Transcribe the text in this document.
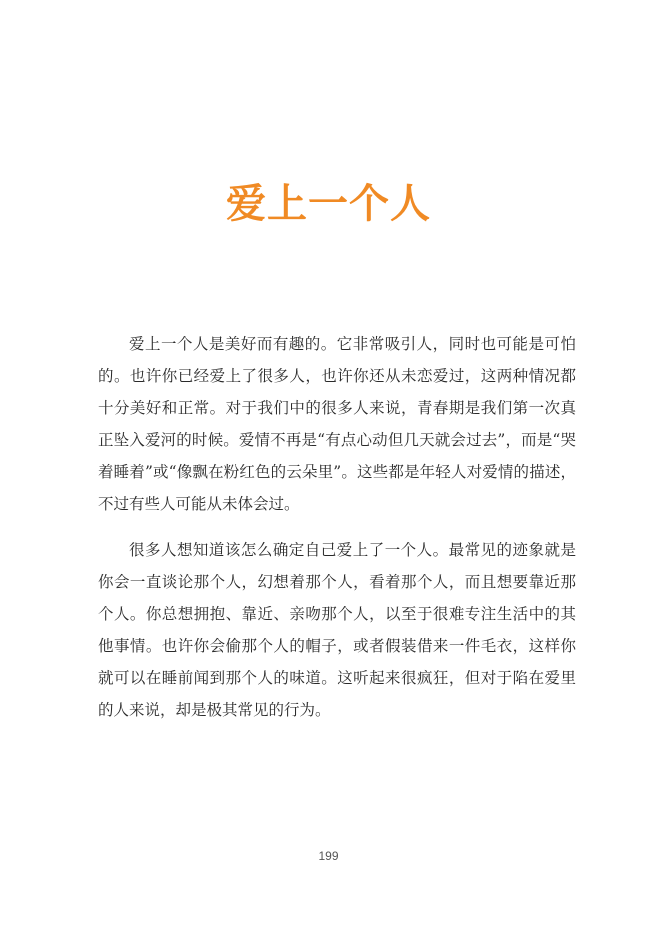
爱上一个人

爱上一个人是美好而有趣的。它非常吸引人，同时也可能是可怕的。也许你已经爱上了很多人，也许你还从未恋爱过，这两种情况都十分美好和正常。对于我们中的很多人来说，青春期是我们第一次真正坠入爱河的时候。爱情不再是“有点心动但几天就会过去”，而是“哭着睡着”或“像飘在粉红色的云朵里”。这些都是年轻人对爱情的描述，不过有些人可能从未体会过。

很多人想知道该怎么确定自己爱上了一个人。最常见的迹象就是你会一直谈论那个人，幻想着那个人，看着那个人，而且想要靠近那个人。你总想拥抱、靠近、亲吻那个人，以至于很难专注生活中的其他事情。也许你会偷那个人的帽子，或者假装借来一件毛衣，这样你就可以在睡前闻到那个人的味道。这听起来很疯狂，但对于陷在爱里的人来说，却是极其常见的行为。

199
